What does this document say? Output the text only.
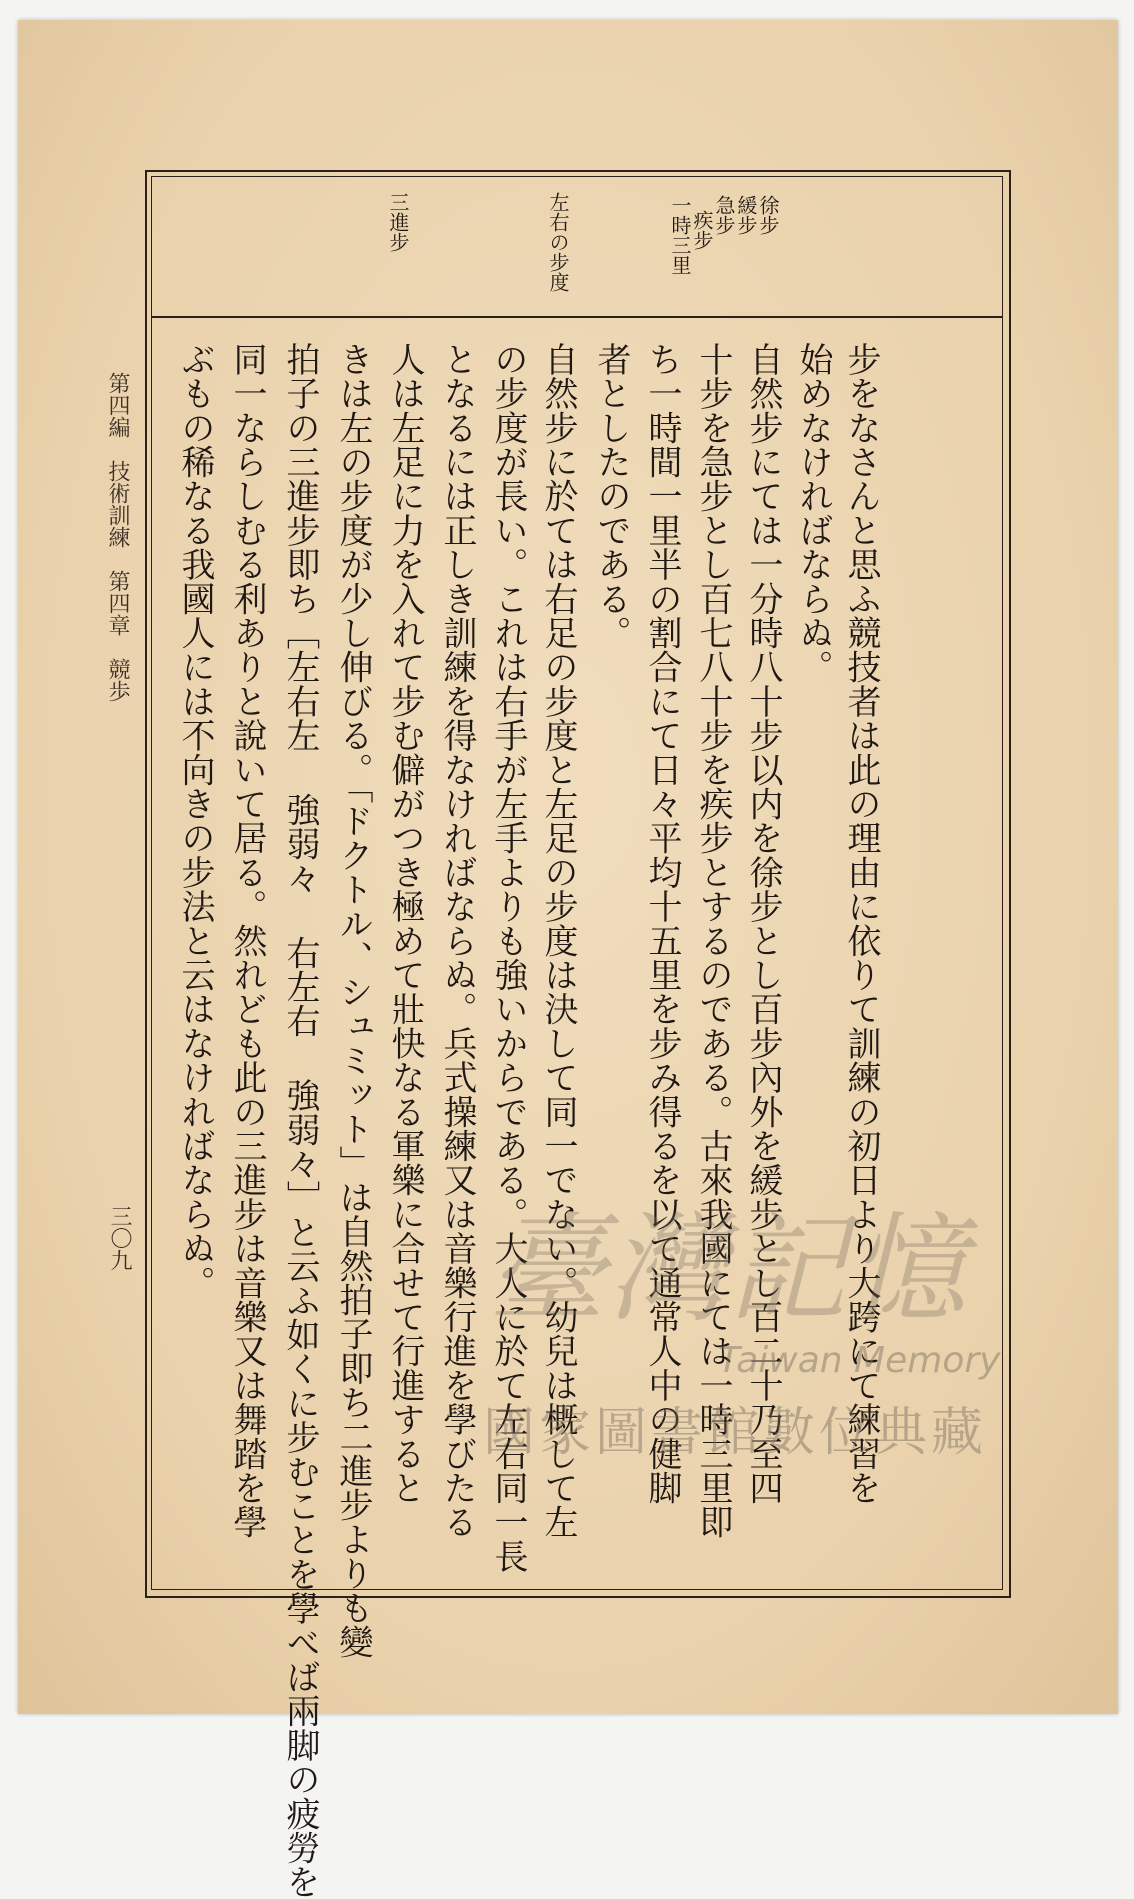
徐步
緩步
急步
疾步
一時三里
左右の步度
三進步
步をなさんと思ふ競技者は此の理由に依りて訓練の初日より大跨にて練習を
始めなければならぬ。
自然步にては一分時八十步以内を徐步とし百步內外を緩步とし百二十乃至四
十步を急步とし百七八十步を疾步とするのである。古來我國にては一時三里即
ち一時間一里半の割合にて日々平均十五里を步み得るを以て通常人中の健脚
者としたのである。
自然步に於ては右足の步度と左足の步度は決して同一でない。幼兒は概して左
の步度が長い。これは右手が左手よりも強いからである。大人に於て左右同一長
となるには正しき訓練を得なければならぬ。兵式操練又は音樂行進を學びたる
人は左足に力を入れて步む僻がつき極めて壯快なる軍樂に合せて行進すると
きは左の步度が少し伸びる。「ドクトル、シュミット」は自然拍子即ち二進步よりも變
拍子の三進步即ち［左右左 強弱々 右左右 強弱々］と云ふ如くに步むことを學べば兩脚の疲勞を
同一ならしむる利ありと說いて居る。然れども此の三進步は音樂又は舞踏を學
ぶもの稀なる我國人には不向きの步法と云はなければならぬ。
第四編　技術訓練　第四章　競歩
三〇九	臺灣記憶
Taiwan Memory
國家圖書館數位典藏
